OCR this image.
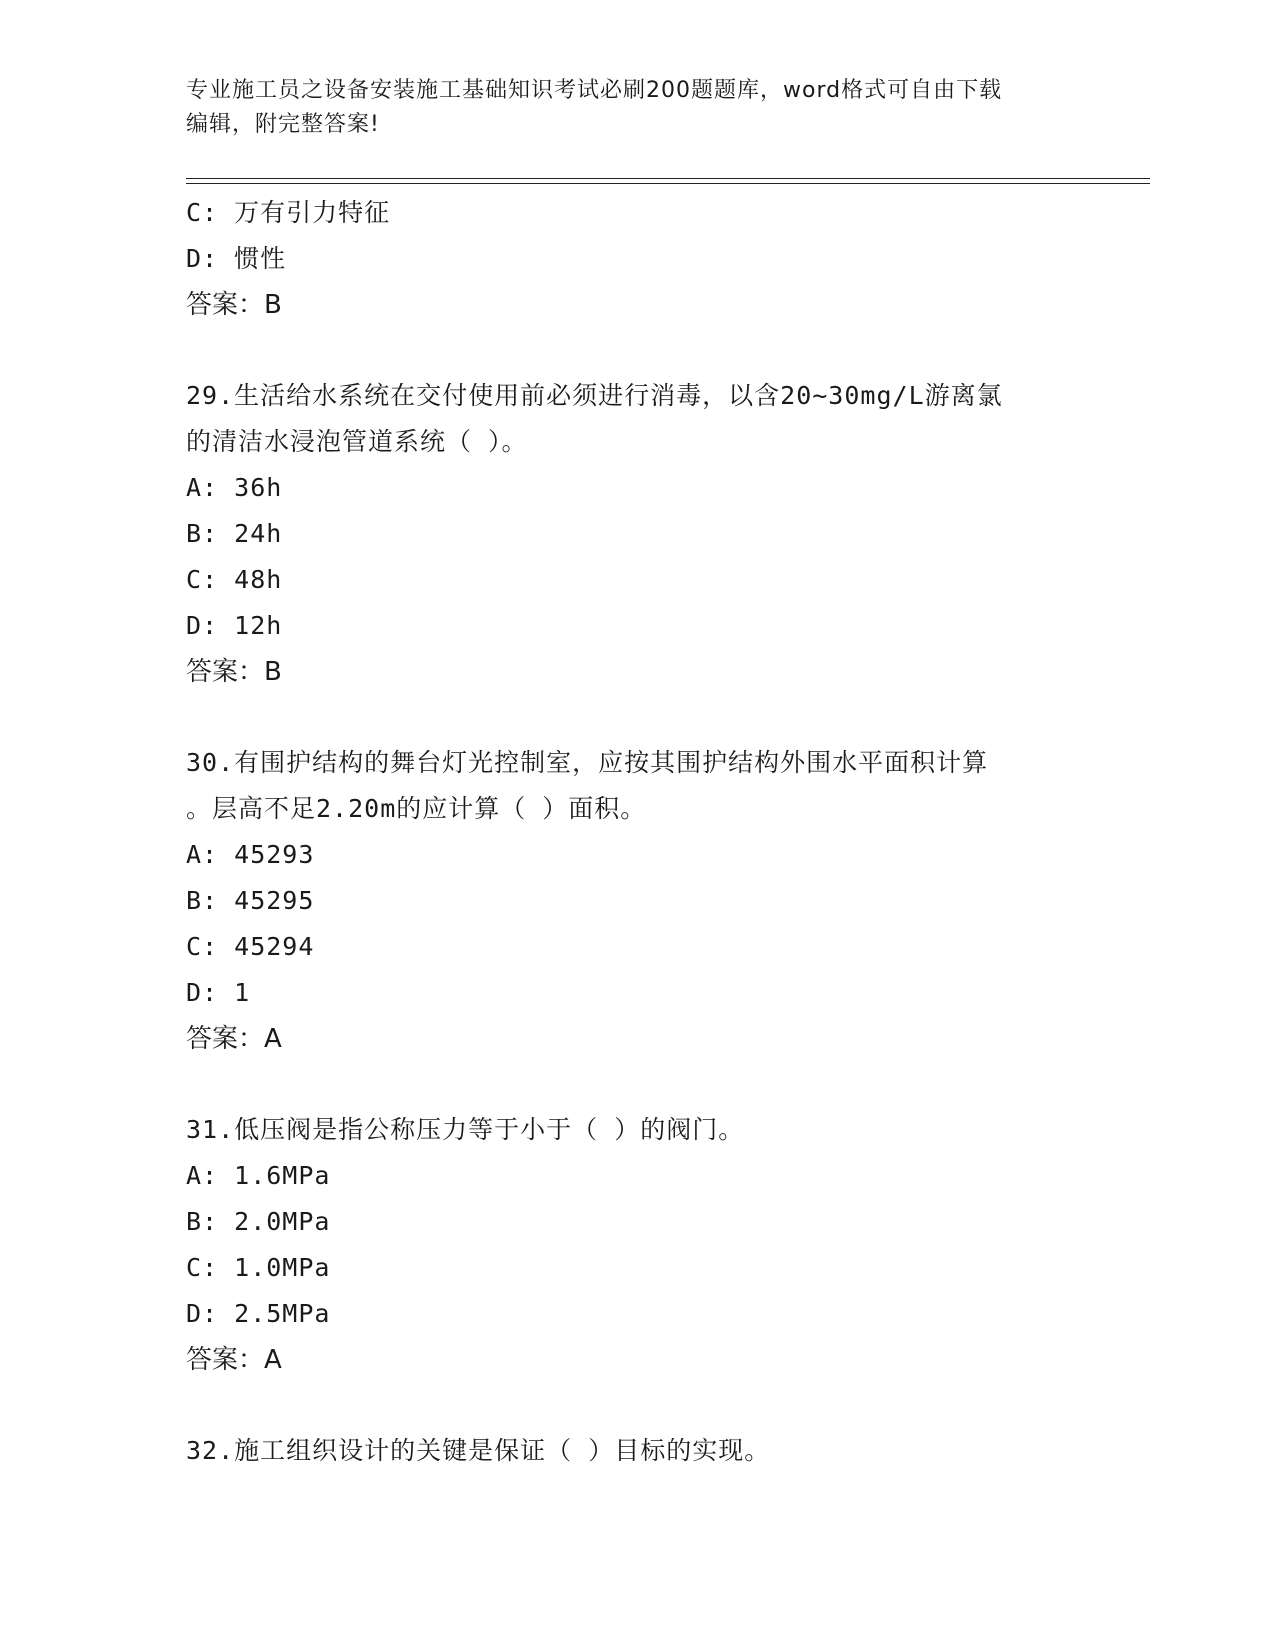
专业施工员之设备安装施工基础知识考试必刷200题题库，word格式可自由下载
编辑，附完整答案!
C: 万有引力特征
D: 惯性
答案：B
29.生活给水系统在交付使用前必须进行消毒，以含20~30mg/L游离氯
的清洁水浸泡管道系统（ ）。
A: 36h
B: 24h
C: 48h
D: 12h
答案：B
30.有围护结构的舞台灯光控制室，应按其围护结构外围水平面积计算
。层高不足2.20m的应计算（ ）面积。
A: 45293
B: 45295
C: 45294
D: 1
答案：A
31.低压阀是指公称压力等于小于（ ）的阀门。
A: 1.6MPa
B: 2.0MPa
C: 1.0MPa
D: 2.5MPa
答案：A
32.施工组织设计的关键是保证（ ）目标的实现。
